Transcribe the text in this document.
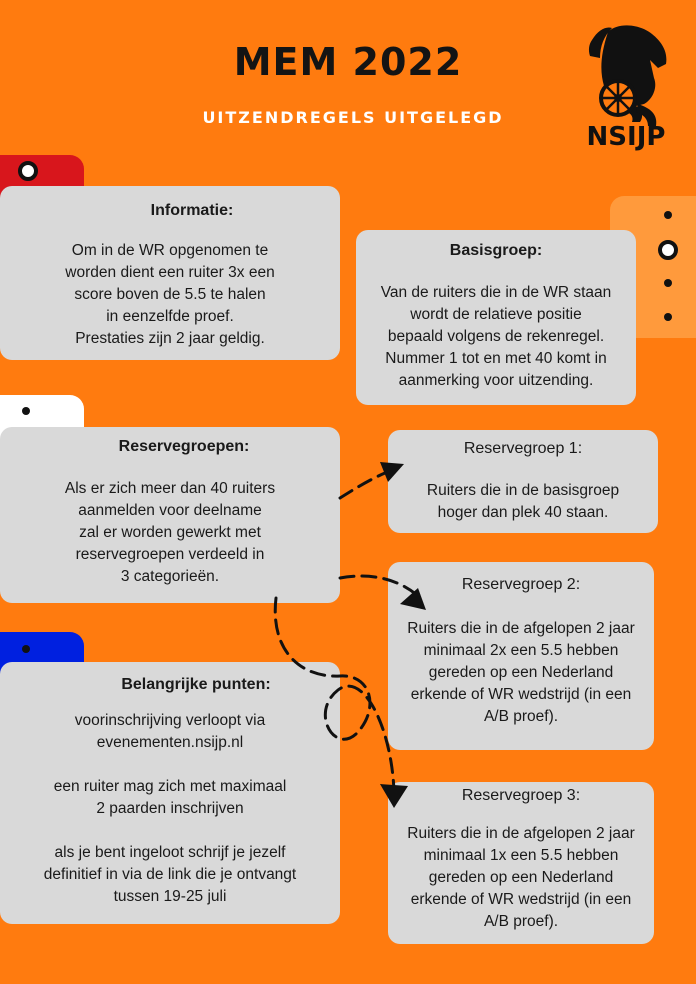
MEM 2022
UITZENDREGELS UITGELEGD
NSIJP
Informatie:
Om in de WR opgenomen te
worden dient een ruiter 3x een
score boven de 5.5 te halen
in eenzelfde proef.
Prestaties zijn 2 jaar geldig.
Basisgroep:
Van de ruiters die in de WR staan
wordt de relatieve positie
bepaald volgens de rekenregel.
Nummer 1 tot en met 40 komt in
aanmerking voor uitzending.
Reservegroepen:
Als er zich meer dan 40 ruiters
aanmelden voor deelname
zal er worden gewerkt met
reservegroepen verdeeld in
3 categorieën.
Reservegroep 1:
Ruiters die in de basisgroep
hoger dan plek 40 staan.
Reservegroep 2:
Ruiters die in de afgelopen 2 jaar
minimaal 2x een 5.5 hebben
gereden op een Nederland
erkende of WR wedstrijd (in een
A/B proef).
Belangrijke punten:
voorinschrijving verloopt via
evenementen.nsijp.nl
een ruiter mag zich met maximaal
2 paarden inschrijven
als je bent ingeloot schrijf je jezelf
definitief in via de link die je ontvangt
tussen 19-25 juli
Reservegroep 3:
Ruiters die in de afgelopen 2 jaar
minimaal 1x een 5.5 hebben
gereden op een Nederland
erkende of WR wedstrijd (in een
A/B proef).
